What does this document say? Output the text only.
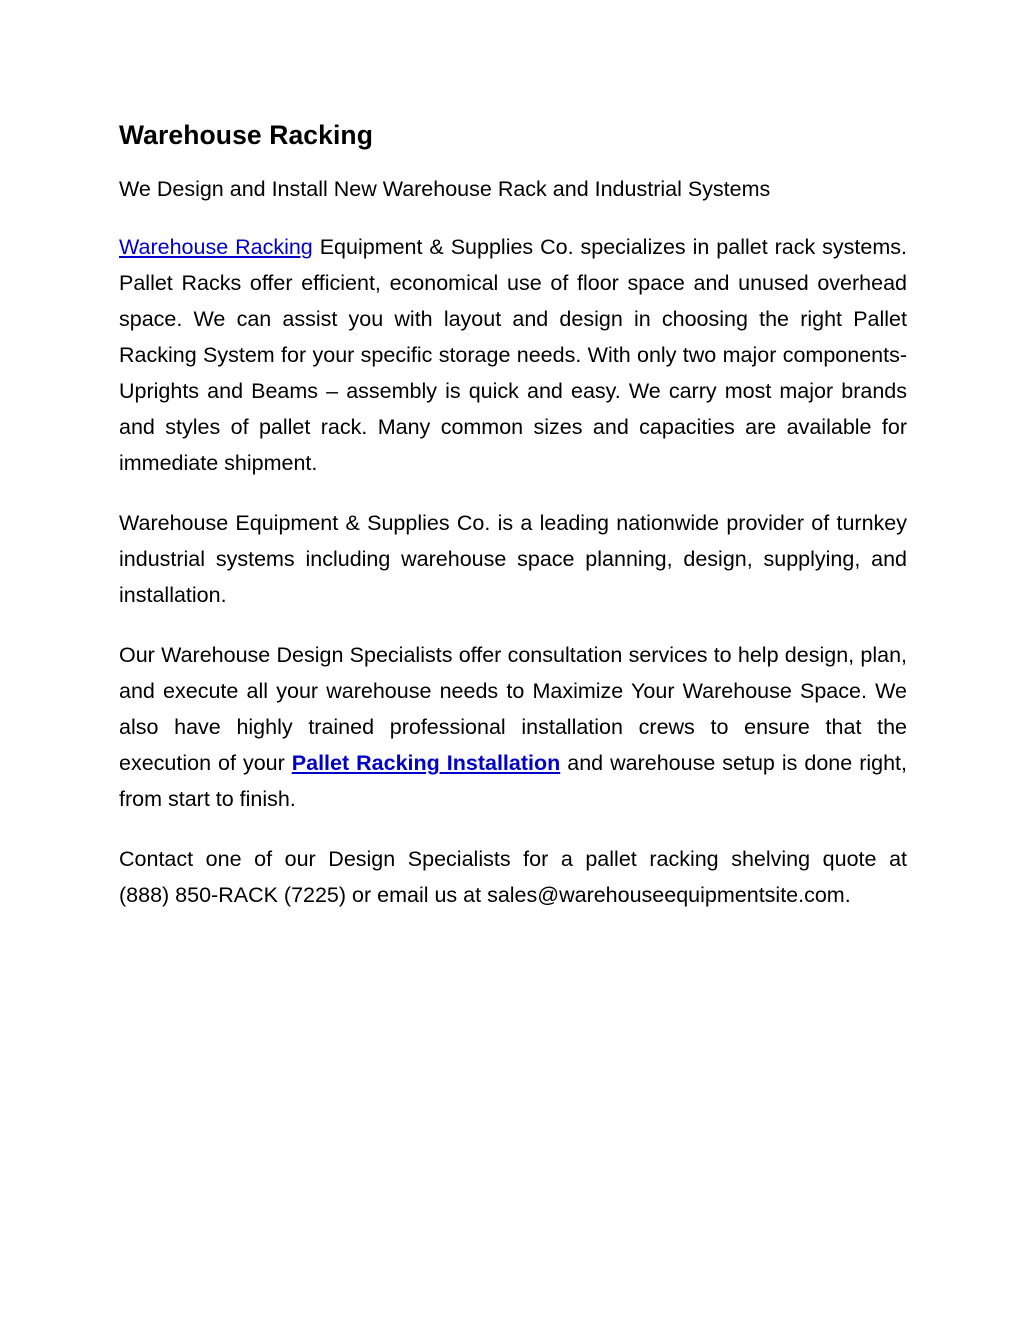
Warehouse Racking

We Design and Install New Warehouse Rack and Industrial Systems

Warehouse Racking Equipment & Supplies Co. specializes in pallet rack systems. Pallet Racks offer efficient, economical use of floor space and unused overhead space. We can assist you with layout and design in choosing the right Pallet Racking System for your specific storage needs. With only two major components- Uprights and Beams – assembly is quick and easy. We carry most major brands and styles of pallet rack. Many common sizes and capacities are available for immediate shipment.

Warehouse Equipment & Supplies Co. is a leading nationwide provider of turnkey industrial systems including warehouse space planning, design, supplying, and installation.

Our Warehouse Design Specialists offer consultation services to help design, plan, and execute all your warehouse needs to Maximize Your Warehouse Space. We also have highly trained professional installation crews to ensure that the execution of your Pallet Racking Installation and warehouse setup is done right, from start to finish.

Contact one of our Design Specialists for a pallet racking shelving quote at (888) 850-RACK (7225) or email us at sales@warehouseequipmentsite.com.
